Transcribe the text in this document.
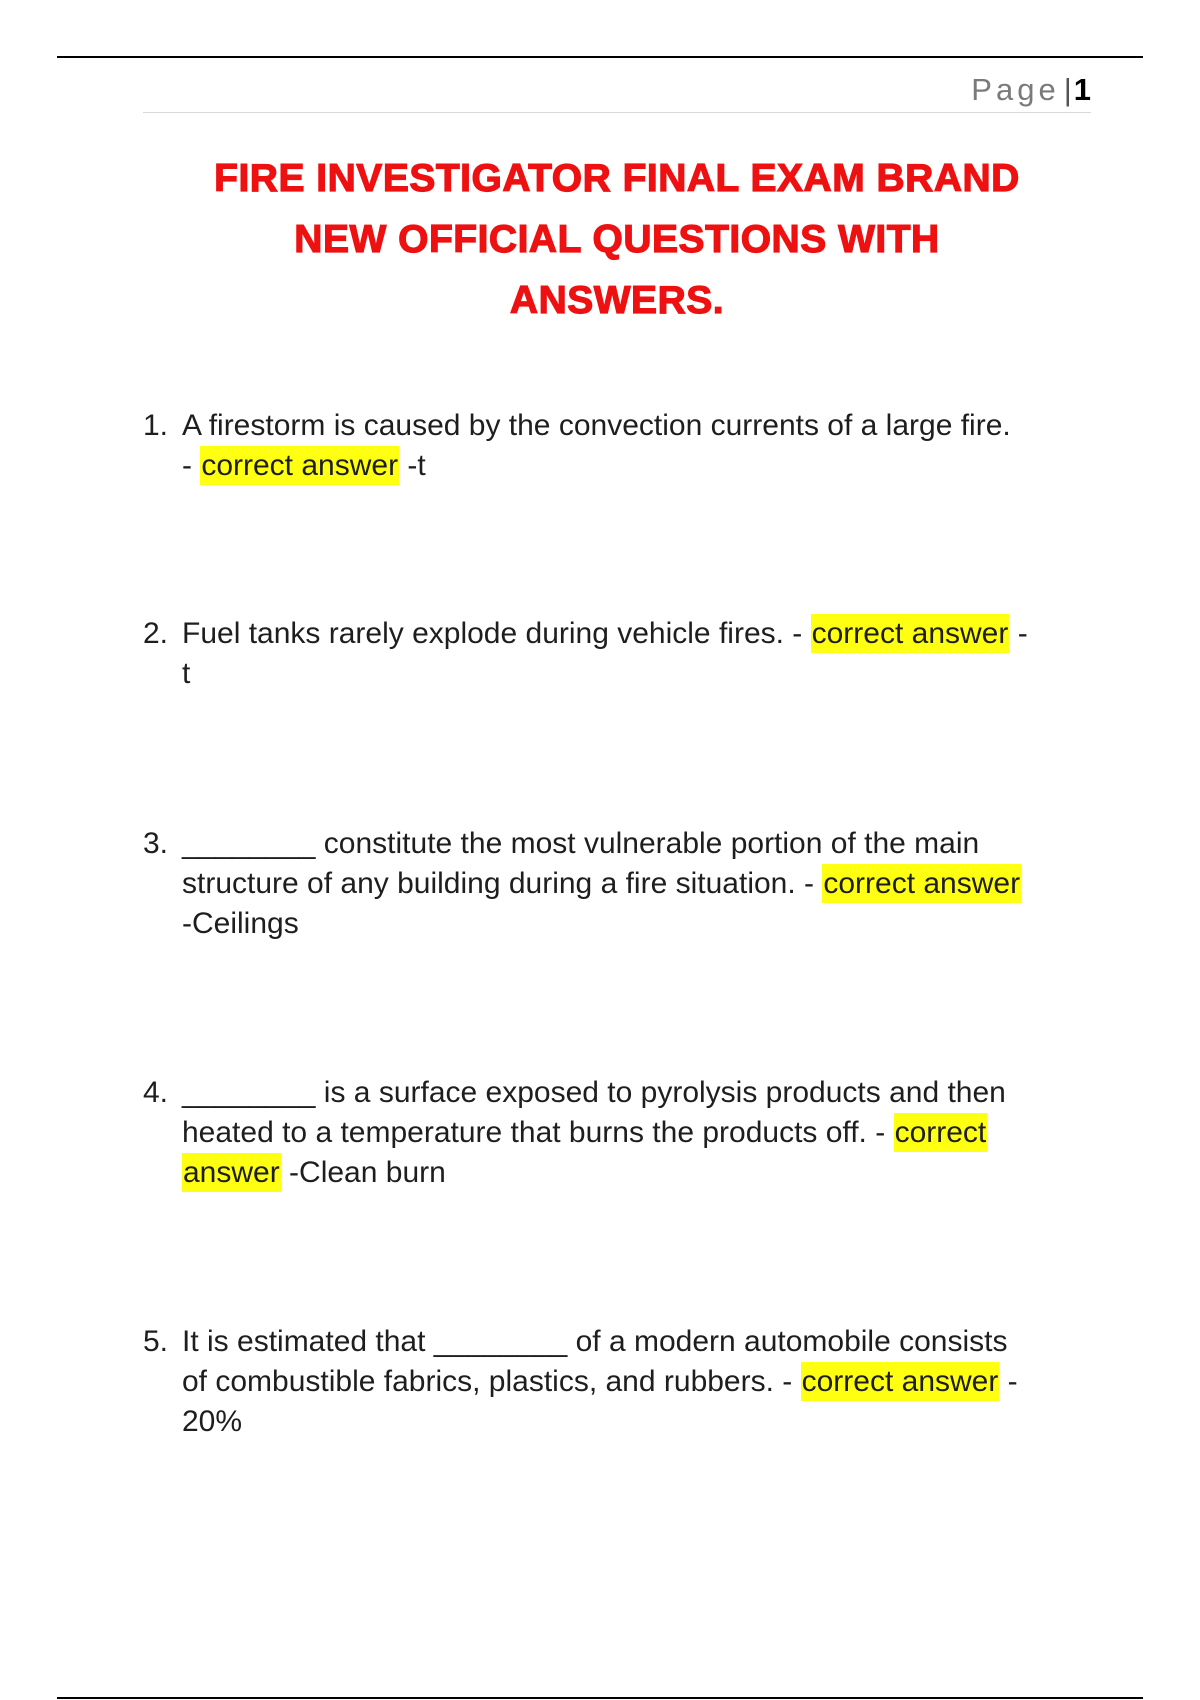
Page |1
FIRE INVESTIGATOR FINAL EXAM BRAND
NEW OFFICIAL QUESTIONS WITH
ANSWERS.
1. A firestorm is caused by the convection currents of a large fire.
- correct answer -t
2. Fuel tanks rarely explode during vehicle fires. - correct answer -
t
3. ________ constitute the most vulnerable portion of the main
structure of any building during a fire situation. - correct answer
-Ceilings
4. ________ is a surface exposed to pyrolysis products and then
heated to a temperature that burns the products off. - correct
answer -Clean burn
5. It is estimated that ________ of a modern automobile consists
of combustible fabrics, plastics, and rubbers. - correct answer -
20%
